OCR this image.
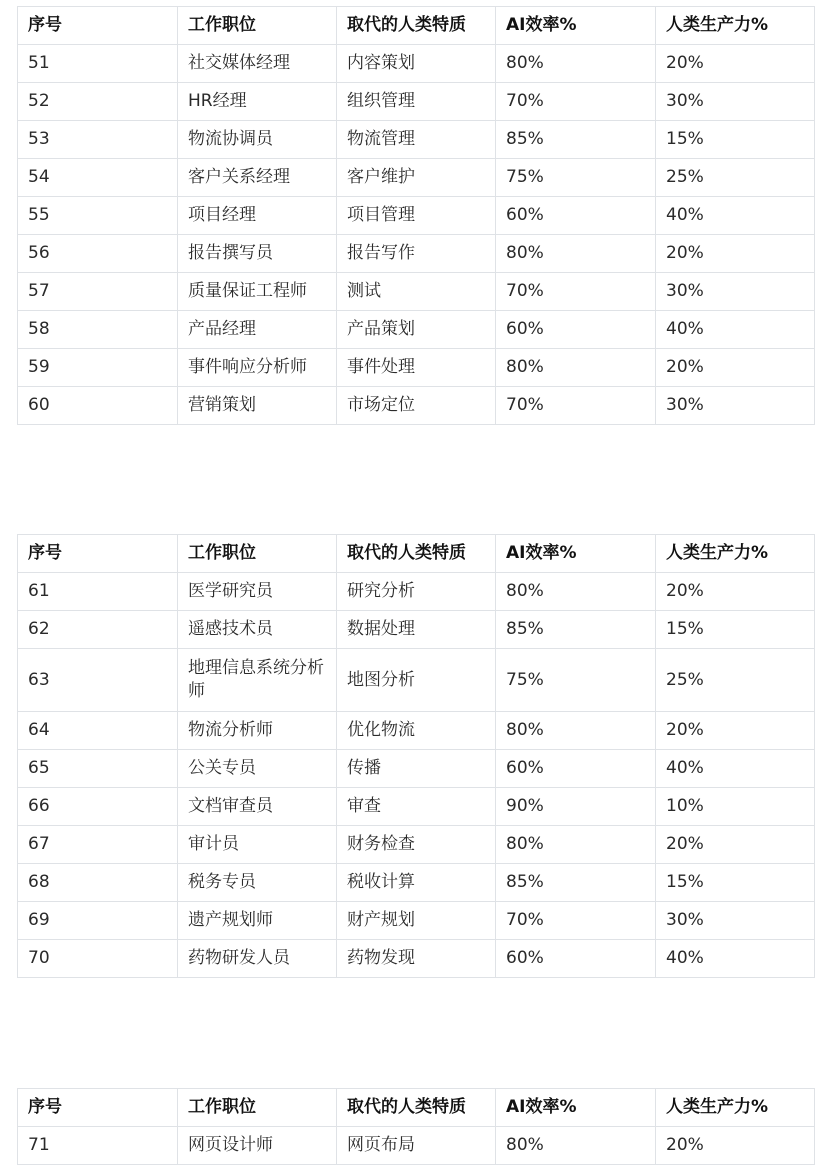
序号	工作职位	取代的人类特质	AI效率%	人类生产力%
51	社交媒体经理	内容策划	80%	20%
52	HR经理	组织管理	70%	30%
53	物流协调员	物流管理	85%	15%
54	客户关系经理	客户维护	75%	25%
55	项目经理	项目管理	60%	40%
56	报告撰写员	报告写作	80%	20%
57	质量保证工程师	测试	70%	30%
58	产品经理	产品策划	60%	40%
59	事件响应分析师	事件处理	80%	20%
60	营销策划	市场定位	70%	30%
序号	工作职位	取代的人类特质	AI效率%	人类生产力%
61	医学研究员	研究分析	80%	20%
62	遥感技术员	数据处理	85%	15%
63	地理信息系统分析师	地图分析	75%	25%
64	物流分析师	优化物流	80%	20%
65	公关专员	传播	60%	40%
66	文档审查员	审查	90%	10%
67	审计员	财务检查	80%	20%
68	税务专员	税收计算	85%	15%
69	遗产规划师	财产规划	70%	30%
70	药物研发人员	药物发现	60%	40%
序号	工作职位	取代的人类特质	AI效率%	人类生产力%
71	网页设计师	网页布局	80%	20%
